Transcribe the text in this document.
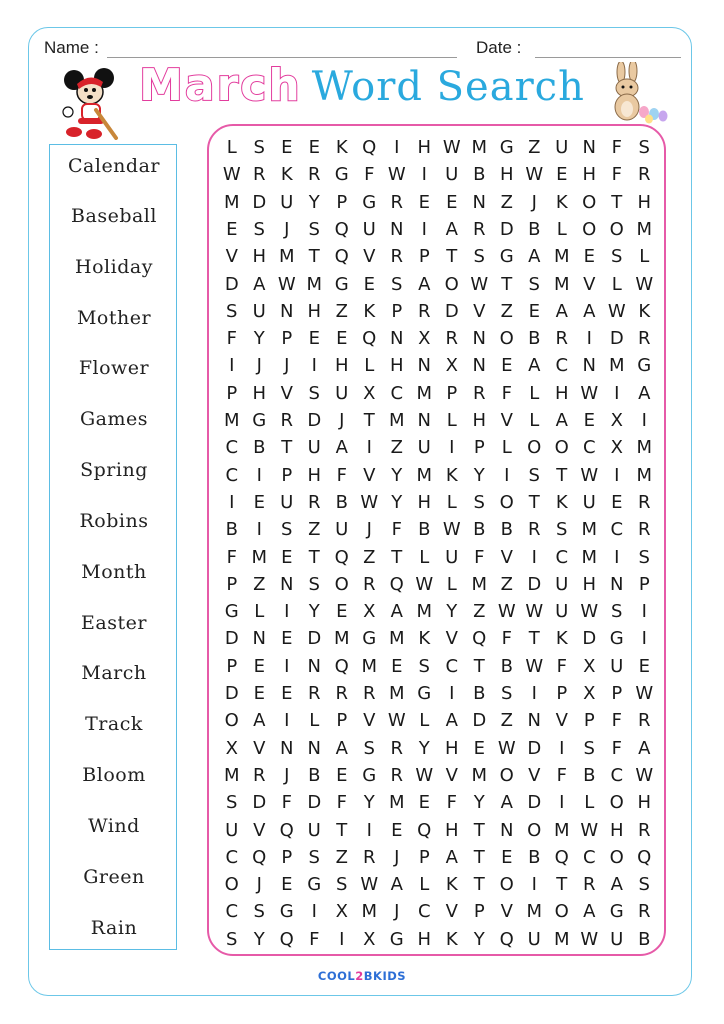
Name :	Date :
March Word Search
Calendar
Baseball
Holiday
Mother
Flower
Games
Spring
Robins
Month
Easter
March
Track
Bloom
Wind
Green
Rain
L S E E K Q I	H W M G Z U N F S
W R K R G F W I	U B H W E H F R
M D U Y P G R E E N Z	J	K O T H
E S	J	S Q U N	I	A R D B L O O M
V H M T Q V R P T S G A M E S L
D A W M G E S A O W T S M V L W
S U N H Z K P R D V Z E A A W K
F Y P E E Q N X R N O B R	I D R
I	J	J	I	H L H N X N E A C N M G
P H V S U X C M P R F L H W I	A
M G R D J	T M N L H V L A E X	I
C B T U A	I	Z U	I	P L O O C X M
C	I	P H F V Y M K Y	I	S T W I M
I	E U R B W Y H L S O T K U E R
B	I	S Z U	J	F B W B B R S M C R
F M E T Q Z T L U F V	I	C M I	S
P Z N S O R Q W L M Z D U H N P
G L	I	Y E X A M Y Z W W U W S	I
D N E D M G M K V Q F T K D G I
P E	I	N Q M E S C T B W F X U E
D E E R R R M G I	B S	I	P X P W
O A	I	L P V W L A D Z N V P F R
X V N N A S R Y H E W D I	S F A
M R	J	B E G R W V M O V F B C W
S D F D F Y M E F Y A D I	L O H
U V Q U T	I	E Q H T N O M W H R
C Q P S Z R	J	P A T E B Q C O Q
O J	E G S W A L K T O I	T R A S
C S G I	X M J	C V P V M O A G R
S Y Q F	I	X G H K Y Q U M W U B
COOL2BKIDS
